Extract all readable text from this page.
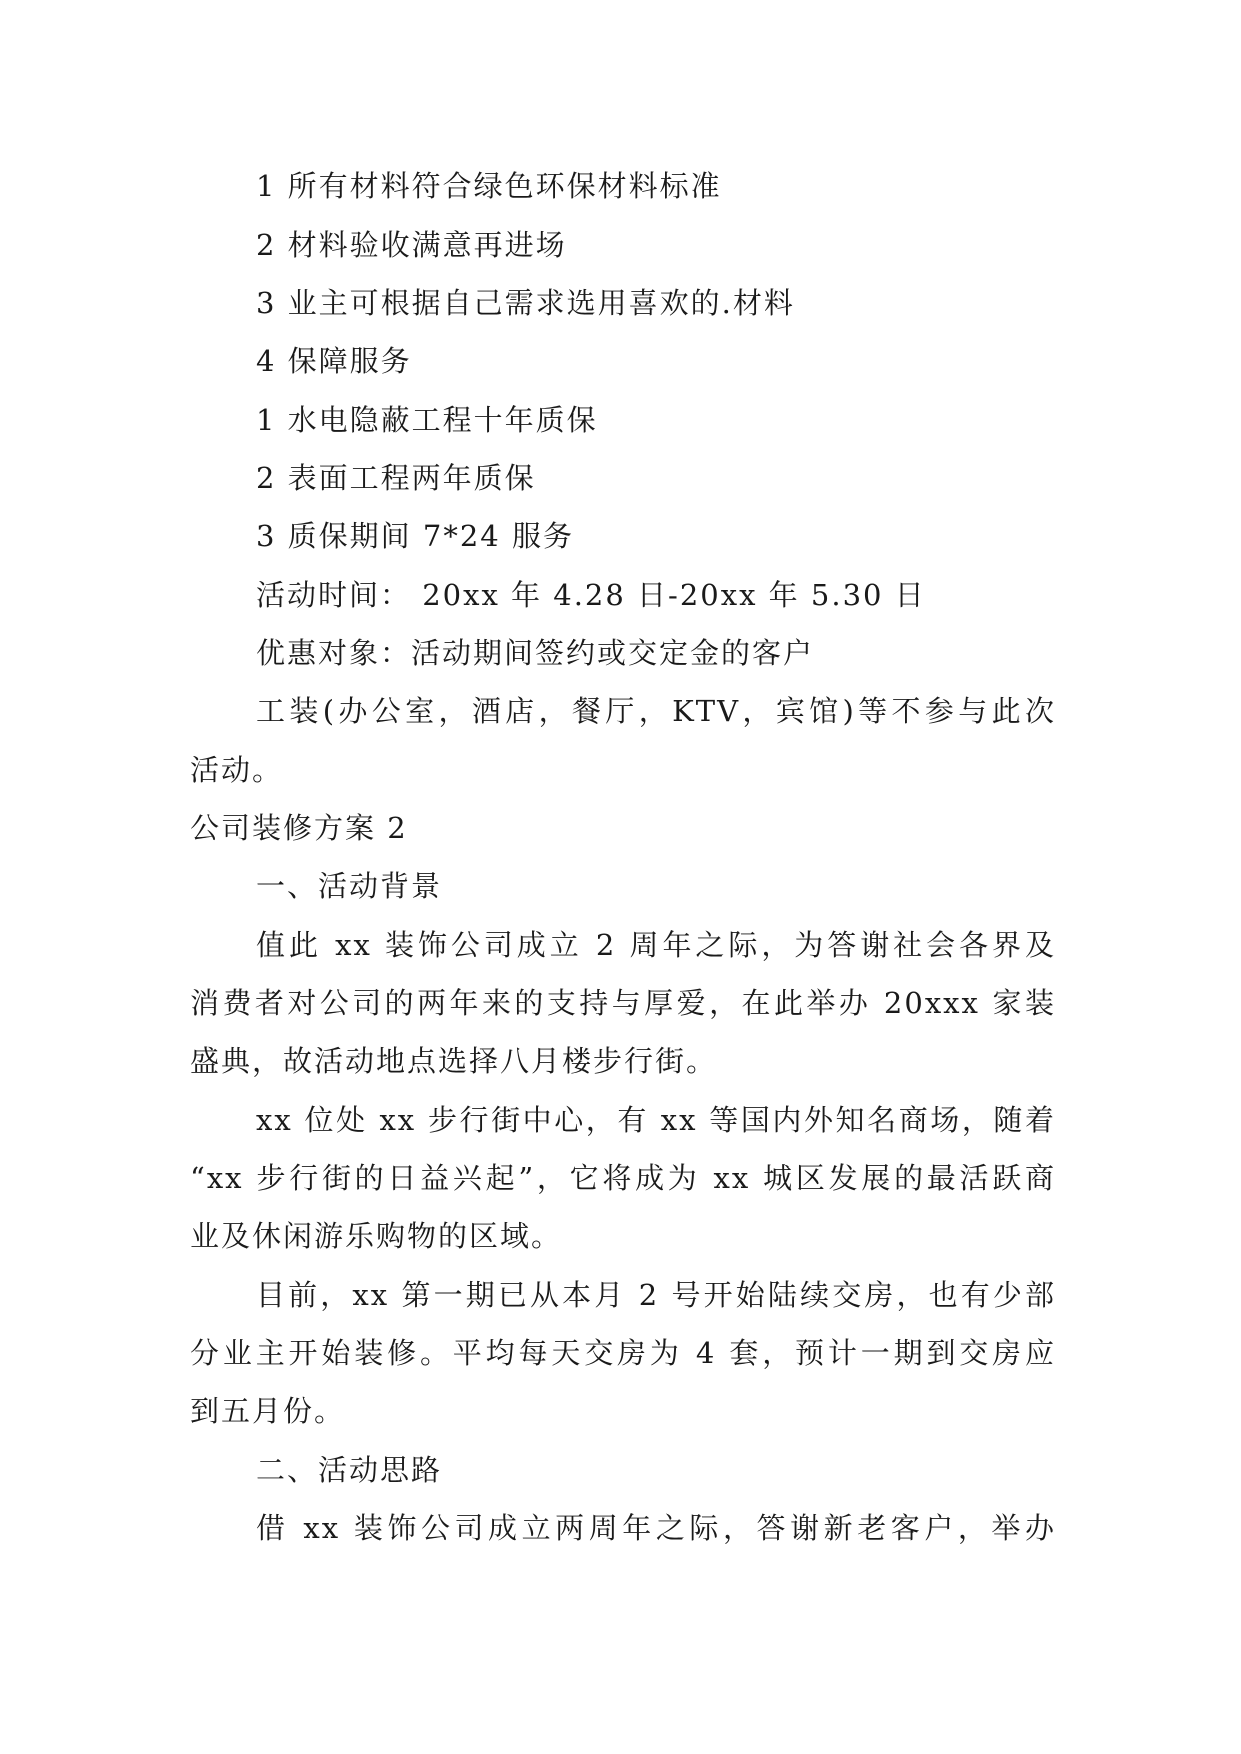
1 所有材料符合绿色环保材料标准
2 材料验收满意再进场
3 业主可根据自己需求选用喜欢的.材料
4 保障服务
1 水电隐蔽工程十年质保
2 表面工程两年质保
3 质保期间 7*24 服务
活动时间： 20xx 年 4.28 日-20xx 年 5.30 日
优惠对象：活动期间签约或交定金的客户
工装(办公室，酒店，餐厅，KTV，宾馆)等不参与此次
活动。
公司装修方案 2
一、活动背景
值此 xx 装饰公司成立 2 周年之际，为答谢社会各界及
消费者对公司的两年来的支持与厚爱，在此举办 20xxx 家装
盛典，故活动地点选择八月楼步行街。
xx 位处 xx 步行街中心，有 xx 等国内外知名商场，随着
“xx 步行街的日益兴起”，它将成为 xx 城区发展的最活跃商
业及休闲游乐购物的区域。
目前，xx 第一期已从本月 2 号开始陆续交房，也有少部
分业主开始装修。平均每天交房为 4 套，预计一期到交房应
到五月份。
二、活动思路
借 xx 装饰公司成立两周年之际，答谢新老客户，举办
